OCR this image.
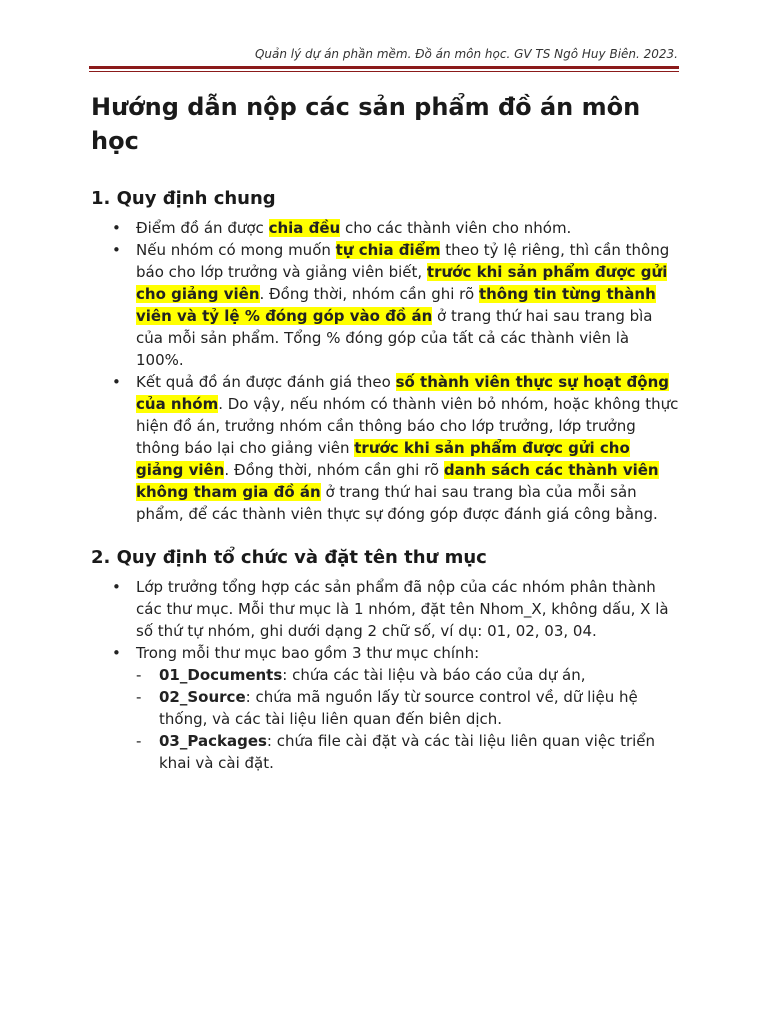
Quản lý dự án phần mềm. Đồ án môn học. GV TS Ngô Huy Biên. 2023.
Hướng dẫn nộp các sản phẩm đồ án môn học
1. Quy định chung
• Điểm đồ án được chia đều cho các thành viên cho nhóm.
• Nếu nhóm có mong muốn tự chia điểm theo tỷ lệ riêng, thì cần thông báo cho lớp trưởng và giảng viên biết, trước khi sản phẩm được gửi cho giảng viên. Đồng thời, nhóm cần ghi rõ thông tin từng thành viên và tỷ lệ % đóng góp vào đồ án ở trang thứ hai sau trang bìa của mỗi sản phẩm. Tổng % đóng góp của tất cả các thành viên là 100%.
• Kết quả đồ án được đánh giá theo số thành viên thực sự hoạt động của nhóm. Do vậy, nếu nhóm có thành viên bỏ nhóm, hoặc không thực hiện đồ án, trưởng nhóm cần thông báo cho lớp trưởng, lớp trưởng thông báo lại cho giảng viên trước khi sản phẩm được gửi cho giảng viên. Đồng thời, nhóm cần ghi rõ danh sách các thành viên không tham gia đồ án ở trang thứ hai sau trang bìa của mỗi sản phẩm, để các thành viên thực sự đóng góp được đánh giá công bằng.
2. Quy định tổ chức và đặt tên thư mục
• Lớp trưởng tổng hợp các sản phẩm đã nộp của các nhóm phân thành các thư mục. Mỗi thư mục là 1 nhóm, đặt tên Nhom_X, không dấu, X là số thứ tự nhóm, ghi dưới dạng 2 chữ số, ví dụ: 01, 02, 03, 04.
• Trong mỗi thư mục bao gồm 3 thư mục chính:
- 01_Documents: chứa các tài liệu và báo cáo của dự án,
- 02_Source: chứa mã nguồn lấy từ source control về, dữ liệu hệ thống, và các tài liệu liên quan đến biên dịch.
- 03_Packages: chứa file cài đặt và các tài liệu liên quan việc triển khai và cài đặt.
